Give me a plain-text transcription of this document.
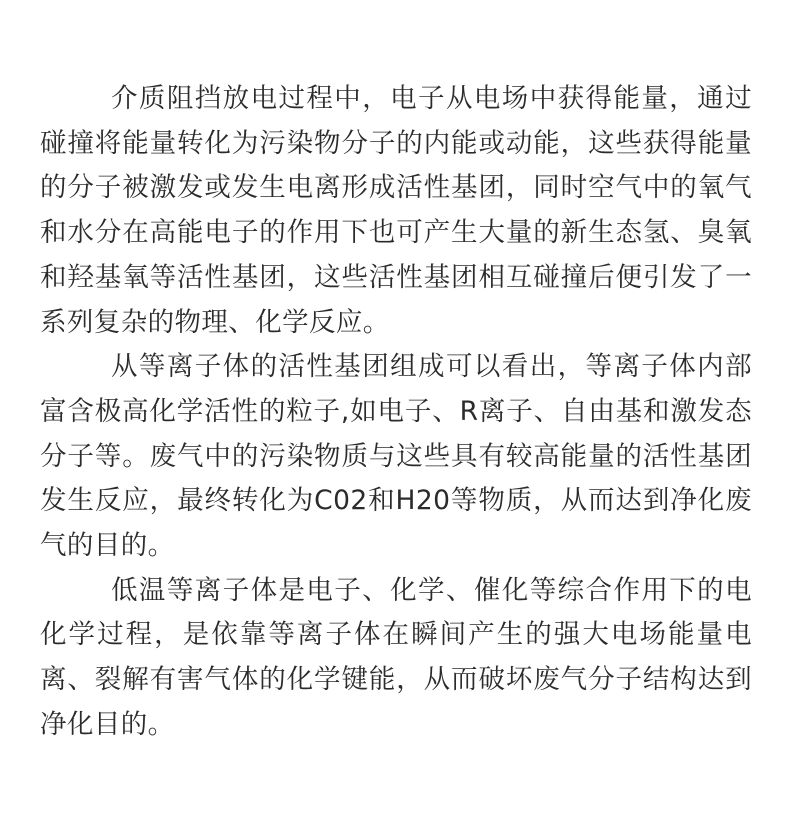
介质阻挡放电过程中，电子从电场中获得能量，通过碰撞将能量转化为污染物分子的内能或动能，这些获得能量的分子被激发或发生电离形成活性基团，同时空气中的氧气和水分在高能电子的作用下也可产生大量的新生态氢、臭氧和羟基氧等活性基团，这些活性基团相互碰撞后便引发了一系列复杂的物理、化学反应。

从等离子体的活性基团组成可以看出，等离子体内部富含极高化学活性的粒子,如电子、R离子、自由基和激发态分子等。废气中的污染物质与这些具有较高能量的活性基团发生反应，最终转化为C02和H20等物质，从而达到净化废气的目的。

低温等离子体是电子、化学、催化等综合作用下的电化学过程，是依靠等离子体在瞬间产生的强大电场能量电离、裂解有害气体的化学键能，从而破坏废气分子结构达到净化目的。
